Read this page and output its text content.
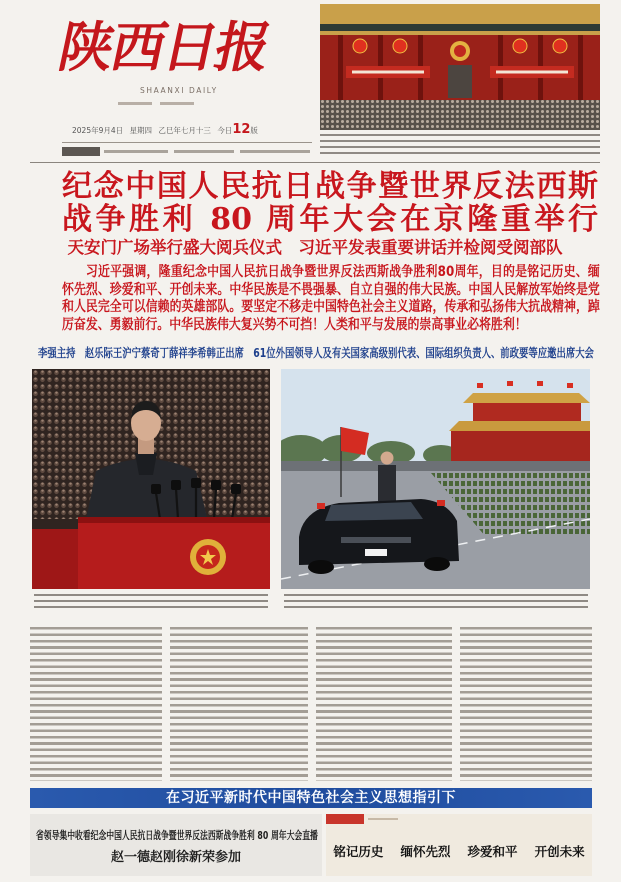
陕西日报
SHAANXI DAILY
2025年9月4日 星期四 乙巳年七月十三 今日12版
纪念中国人民抗日战争暨世界反法西斯
战争胜利 80 周年大会在京隆重举行
天安门广场举行盛大阅兵仪式　习近平发表重要讲话并检阅受阅部队
习近平强调，隆重纪念中国人民抗日战争暨世界反法西斯战争胜利80周年，目的是铭记历史、缅怀先烈、珍爱和平、开创未来。中华民族是不畏强暴、自立自强的伟大民族。中国人民解放军始终是党和人民完全可以信赖的英雄部队。要坚定不移走中国特色社会主义道路，传承和弘扬伟大抗战精神，踔厉奋发、勇毅前行。中华民族伟大复兴势不可挡！人类和平与发展的崇高事业必将胜利！
李强主持　赵乐际王沪宁蔡奇丁薛祥李希韩正出席　61位外国领导人及有关国家高级别代表、国际组织负责人、前政要等应邀出席大会
在习近平新时代中国特色社会主义思想指引下
省领导集中收看纪念中国人民抗日战争暨世界反法西斯战争胜利 80 周年大会直播
赵一德赵刚徐新荣参加	铭记历史 缅怀先烈 珍爱和平 开创未来
